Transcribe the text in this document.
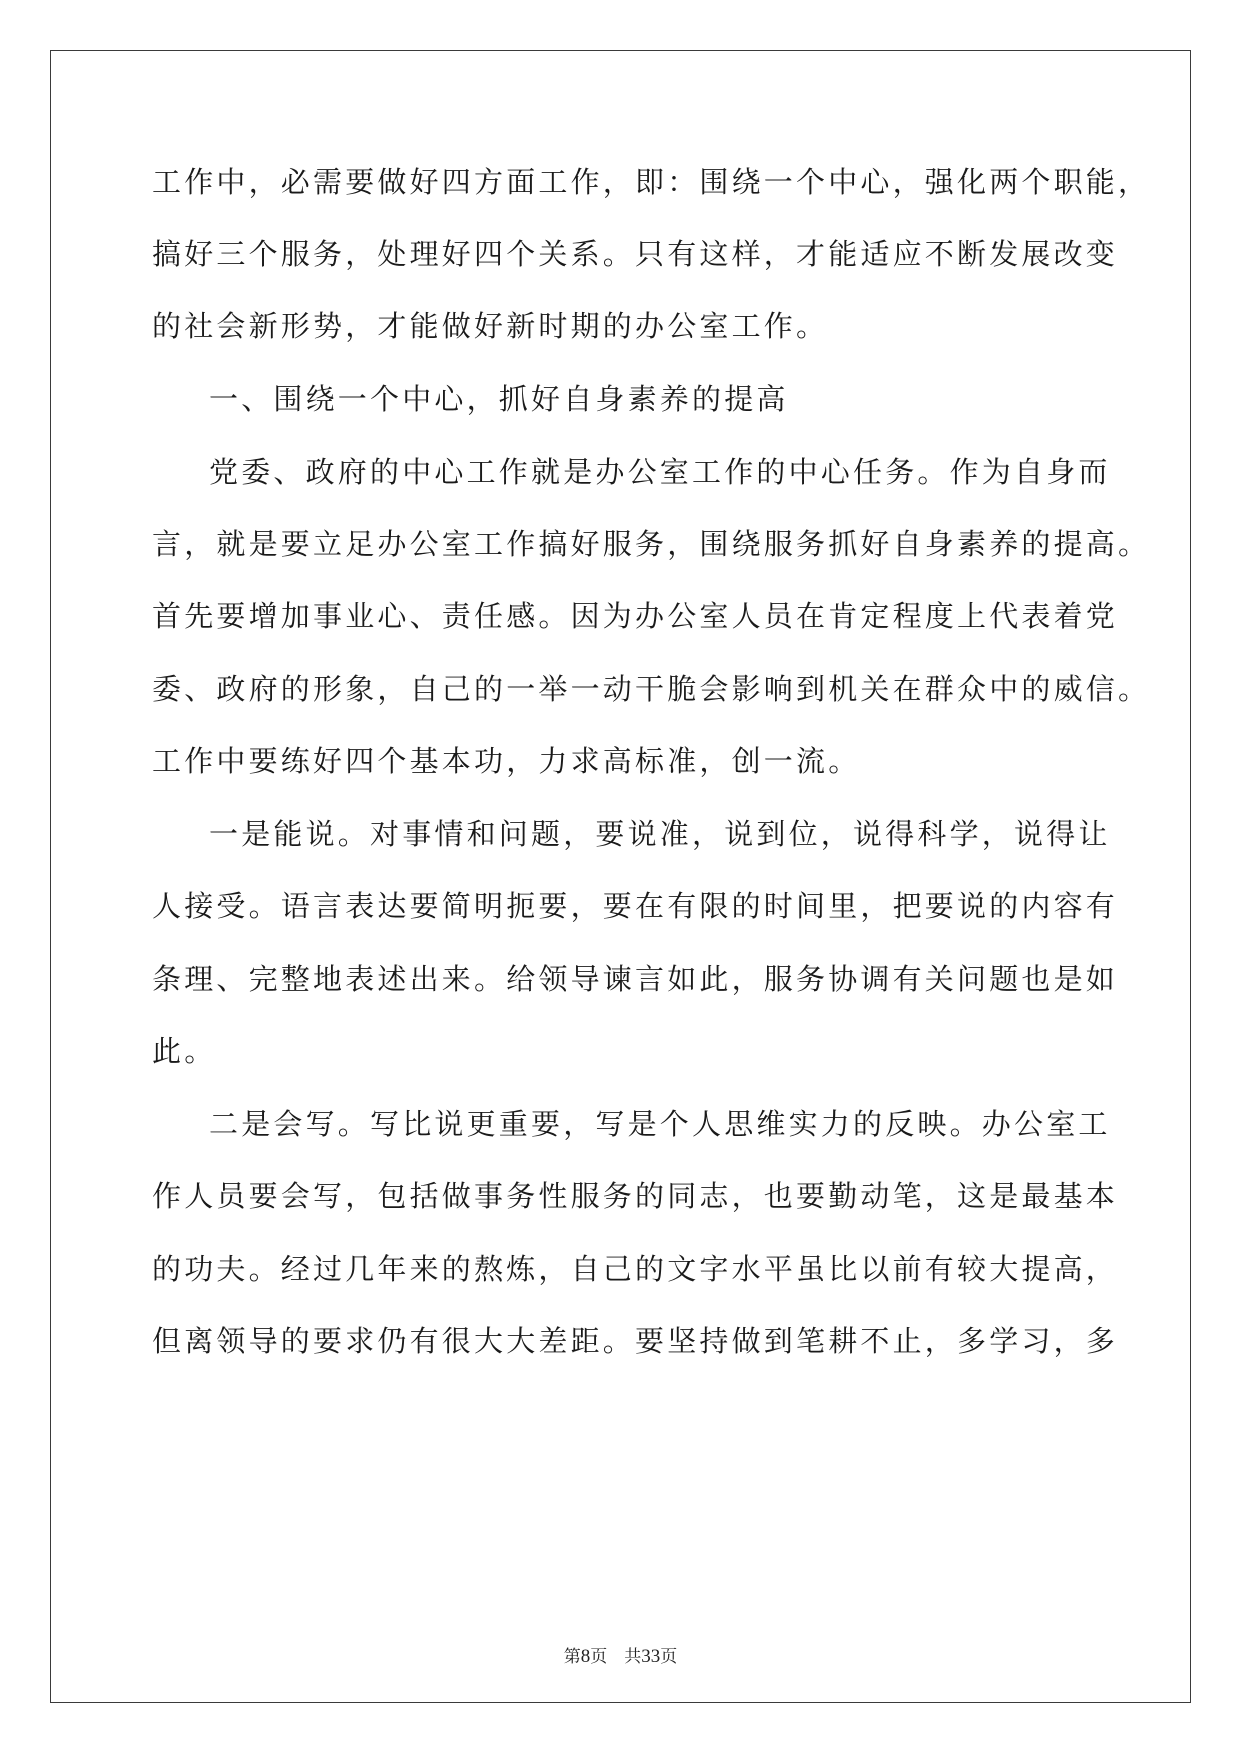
工作中，必需要做好四方面工作，即：围绕一个中心，强化两个职能，
搞好三个服务，处理好四个关系。只有这样，才能适应不断发展改变
的社会新形势，才能做好新时期的办公室工作。
一、围绕一个中心，抓好自身素养的提高
党委、政府的中心工作就是办公室工作的中心任务。作为自身而
言，就是要立足办公室工作搞好服务，围绕服务抓好自身素养的提高。
首先要增加事业心、责任感。因为办公室人员在肯定程度上代表着党
委、政府的形象，自己的一举一动干脆会影响到机关在群众中的威信。
工作中要练好四个基本功，力求高标准，创一流。
一是能说。对事情和问题，要说准，说到位，说得科学，说得让
人接受。语言表达要简明扼要，要在有限的时间里，把要说的内容有
条理、完整地表述出来。给领导谏言如此，服务协调有关问题也是如
此。
二是会写。写比说更重要，写是个人思维实力的反映。办公室工
作人员要会写，包括做事务性服务的同志，也要勤动笔，这是最基本
的功夫。经过几年来的熬炼，自己的文字水平虽比以前有较大提高，
但离领导的要求仍有很大大差距。要坚持做到笔耕不止，多学习，多
第8页　共33页
